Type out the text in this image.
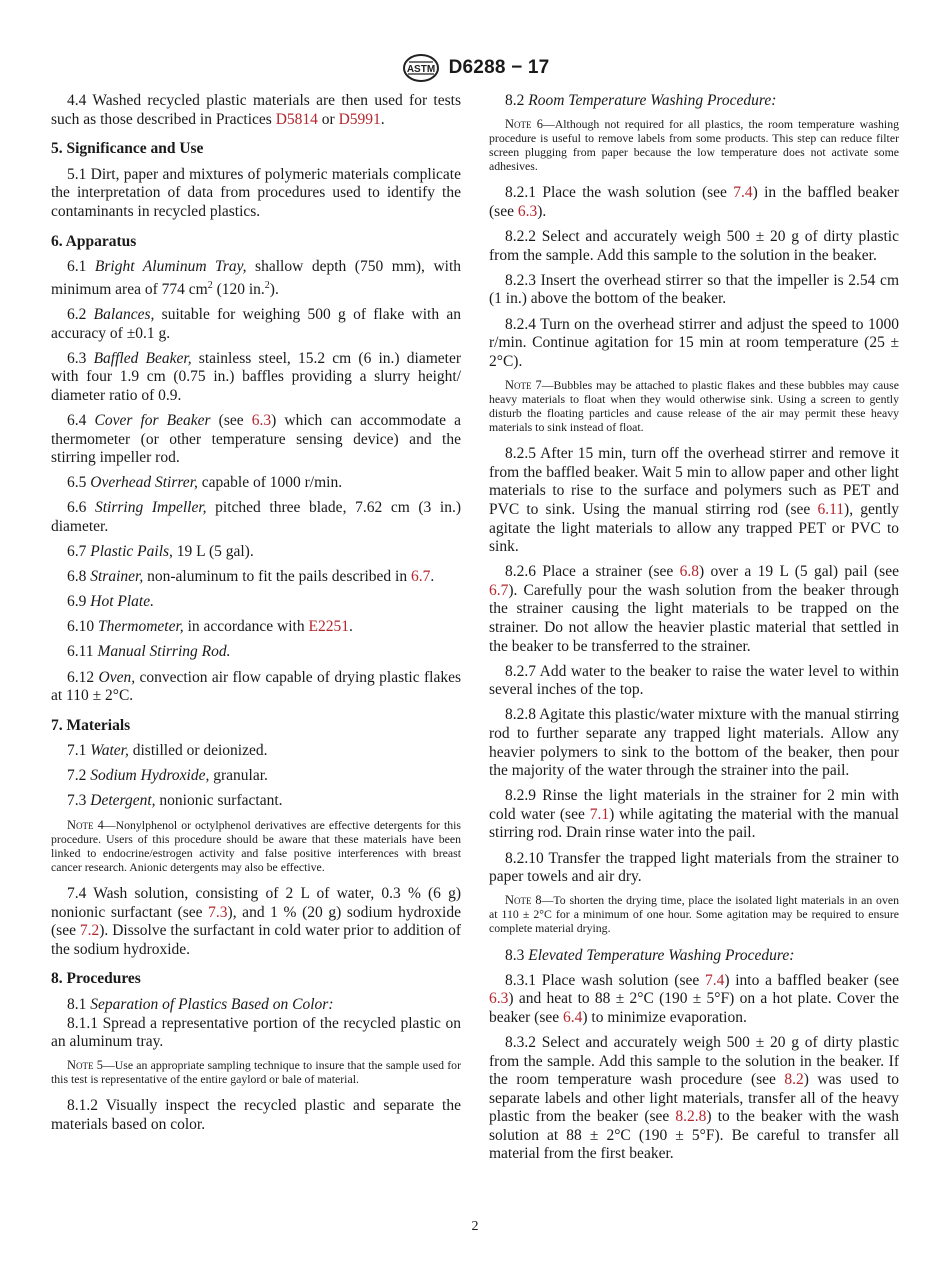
ASTM D6288 − 17

4.4 Washed recycled plastic materials are then used for tests such as those described in Practices D5814 or D5991.

5. Significance and Use

5.1 Dirt, paper and mixtures of polymeric materials complicate the interpretation of data from procedures used to identify the contaminants in recycled plastics.

6. Apparatus

6.1 Bright Aluminum Tray, shallow depth (750 mm), with minimum area of 774 $cm^2$ (120 in.$^2$).

6.2 Balances, suitable for weighing 500 g of flake with an accuracy of ±0.1 g.

6.3 Baffled Beaker, stainless steel, 15.2 cm (6 in.) diameter with four 1.9 cm (0.75 in.) baffles providing a slurry height/ diameter ratio of 0.9.

6.4 Cover for Beaker (see 6.3) which can accommodate a thermometer (or other temperature sensing device) and the stirring impeller rod.

6.5 Overhead Stirrer, capable of 1000 r/min.

6.6 Stirring Impeller, pitched three blade, 7.62 cm (3 in.) diameter.

6.7 Plastic Pails, 19 L (5 gal).

6.8 Strainer, non-aluminum to fit the pails described in 6.7.

6.9 Hot Plate.

6.10 Thermometer, in accordance with E2251.

6.11 Manual Stirring Rod.

6.12 Oven, convection air flow capable of drying plastic flakes at 110 ± 2°C.

7. Materials

7.1 Water, distilled or deionized.

7.2 Sodium Hydroxide, granular.

7.3 Detergent, nonionic surfactant.

Note 4—Nonylphenol or octylphenol derivatives are effective detergents for this procedure. Users of this procedure should be aware that these materials have been linked to endocrine/estrogen activity and false positive interferences with breast cancer research. Anionic detergents may also be effective.

7.4 Wash solution, consisting of 2 L of water, 0.3 % (6 g) nonionic surfactant (see 7.3), and 1 % (20 g) sodium hydroxide (see 7.2). Dissolve the surfactant in cold water prior to addition of the sodium hydroxide.

8. Procedures

8.1 Separation of Plastics Based on Color:

8.1.1 Spread a representative portion of the recycled plastic on an aluminum tray.

Note 5—Use an appropriate sampling technique to insure that the sample used for this test is representative of the entire gaylord or bale of material.

8.1.2 Visually inspect the recycled plastic and separate the materials based on color.

8.2 Room Temperature Washing Procedure:

Note 6—Although not required for all plastics, the room temperature washing procedure is useful to remove labels from some products. This step can reduce filter screen plugging from paper because the low temperature does not activate some adhesives.

8.2.1 Place the wash solution (see 7.4) in the baffled beaker (see 6.3).

8.2.2 Select and accurately weigh 500 ± 20 g of dirty plastic from the sample. Add this sample to the solution in the beaker.

8.2.3 Insert the overhead stirrer so that the impeller is 2.54 cm (1 in.) above the bottom of the beaker.

8.2.4 Turn on the overhead stirrer and adjust the speed to 1000 r/min. Continue agitation for 15 min at room temperature (25 ± 2°C).

Note 7—Bubbles may be attached to plastic flakes and these bubbles may cause heavy materials to float when they would otherwise sink. Using a screen to gently disturb the floating particles and cause release of the air may permit these heavy materials to sink instead of float.

8.2.5 After 15 min, turn off the overhead stirrer and remove it from the baffled beaker. Wait 5 min to allow paper and other light materials to rise to the surface and polymers such as PET and PVC to sink. Using the manual stirring rod (see 6.11), gently agitate the light materials to allow any trapped PET or PVC to sink.

8.2.6 Place a strainer (see 6.8) over a 19 L (5 gal) pail (see 6.7). Carefully pour the wash solution from the beaker through the strainer causing the light materials to be trapped on the strainer. Do not allow the heavier plastic material that settled in the beaker to be transferred to the strainer.

8.2.7 Add water to the beaker to raise the water level to within several inches of the top.

8.2.8 Agitate this plastic/water mixture with the manual stirring rod to further separate any trapped light materials. Allow any heavier polymers to sink to the bottom of the beaker, then pour the majority of the water through the strainer into the pail.

8.2.9 Rinse the light materials in the strainer for 2 min with cold water (see 7.1) while agitating the material with the manual stirring rod. Drain rinse water into the pail.

8.2.10 Transfer the trapped light materials from the strainer to paper towels and air dry.

Note 8—To shorten the drying time, place the isolated light materials in an oven at 110 ± 2°C for a minimum of one hour. Some agitation may be required to ensure complete material drying.

8.3 Elevated Temperature Washing Procedure:

8.3.1 Place wash solution (see 7.4) into a baffled beaker (see 6.3) and heat to 88 ± 2°C (190 ± 5°F) on a hot plate. Cover the beaker (see 6.4) to minimize evaporation.

8.3.2 Select and accurately weigh 500 ± 20 g of dirty plastic from the sample. Add this sample to the solution in the beaker. If the room temperature wash procedure (see 8.2) was used to separate labels and other light materials, transfer all of the heavy plastic from the beaker (see 8.2.8) to the beaker with the wash solution at 88 ± 2°C (190 ± 5°F). Be careful to transfer all material from the first beaker.

2
